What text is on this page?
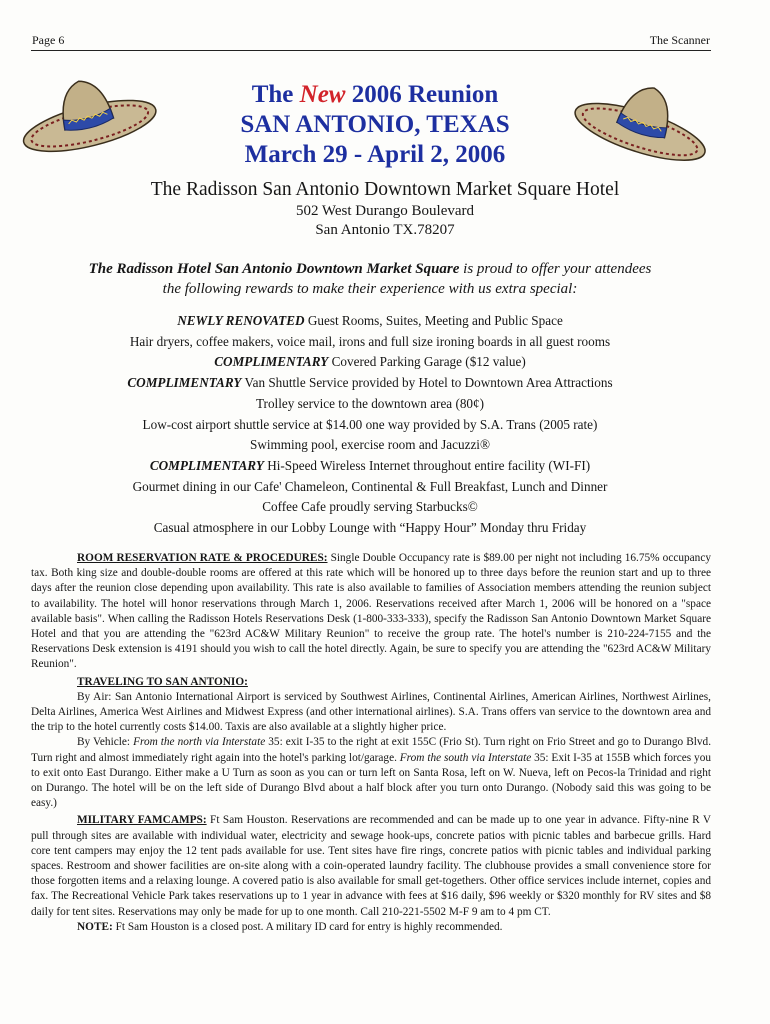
Page 6	The Scanner
The New 2006 Reunion
SAN ANTONIO, TEXAS
March 29 - April 2, 2006
The Radisson San Antonio Downtown Market Square Hotel
502 West Durango Boulevard
San Antonio TX.78207
The Radisson Hotel San Antonio Downtown Market Square is proud to offer your attendees
the following rewards to make their experience with us extra special:
NEWLY RENOVATED Guest Rooms, Suites, Meeting and Public Space
Hair dryers, coffee makers, voice mail, irons and full size ironing boards in all guest rooms
COMPLIMENTARY Covered Parking Garage ($12 value)
COMPLIMENTARY Van Shuttle Service provided by Hotel to Downtown Area Attractions
Trolley service to the downtown area (80¢)
Low-cost airport shuttle service at $14.00 one way provided by S.A. Trans (2005 rate)
Swimming pool, exercise room and Jacuzzi®
COMPLIMENTARY Hi-Speed Wireless Internet throughout entire facility (WI-FI)
Gourmet dining in our Cafe' Chameleon, Continental & Full Breakfast, Lunch and Dinner
Coffee Cafe proudly serving Starbucks©
Casual atmosphere in our Lobby Lounge with “Happy Hour” Monday thru Friday

ROOM RESERVATION RATE & PROCEDURES: Single Double Occupancy rate is $89.00 per night not including 16.75% occupancy tax. Both king size and double-double rooms are offered at this rate which will be honored up to three days before the reunion start and up to three days after the reunion close depending upon availability. This rate is also available to families of Association members attending the reunion subject to availability. The hotel will honor reservations through March 1, 2006. Reservations received after March 1, 2006 will be honored on a "space available basis". When calling the Radisson Hotels Reservations Desk (1-800-333-333), specify the Radisson San Antonio Downtown Market Square Hotel and that you are attending the "623rd AC&W Military Reunion" to receive the group rate. The hotel's number is 210-224-7155 and the Reservations Desk extension is 4191 should you wish to call the hotel directly. Again, be sure to specify you are attending the "623rd AC&W Military Reunion".

TRAVELING TO SAN ANTONIO:

By Air: San Antonio International Airport is serviced by Southwest Airlines, Continental Airlines, American Airlines, Northwest Airlines, Delta Airlines, America West Airlines and Midwest Express (and other international airlines). S.A. Trans offers van service to the downtown area and the trip to the hotel currently costs $14.00. Taxis are also available at a slightly higher price.

By Vehicle: From the north via Interstate 35: exit I-35 to the right at exit 155C (Frio St). Turn right on Frio Street and go to Durango Blvd. Turn right and almost immediately right again into the hotel's parking lot/garage. From the south via Interstate 35: Exit I-35 at 155B which forces you to exit onto East Durango. Either make a U Turn as soon as you can or turn left on Santa Rosa, left on W. Nueva, left on Pecos-la Trinidad and right on Durango. The hotel will be on the left side of Durango Blvd about a half block after you turn onto Durango. (Nobody said this was going to be easy.)

MILITARY FAMCAMPS: Ft Sam Houston. Reservations are recommended and can be made up to one year in advance. Fifty-nine R V pull through sites are available with individual water, electricity and sewage hook-ups, concrete patios with picnic tables and barbecue grills. Hard core tent campers may enjoy the 12 tent pads available for use. Tent sites have fire rings, concrete patios with picnic tables and individual parking spaces. Restroom and shower facilities are on-site along with a coin-operated laundry facility. The clubhouse provides a small convenience store for those forgotten items and a relaxing lounge. A covered patio is also available for small get-togethers. Other office services include internet, copies and fax. The Recreational Vehicle Park takes reservations up to 1 year in advance with fees at $16 daily, $96 weekly or $320 monthly for RV sites and $8 daily for tent sites. Reservations may only be made for up to one month. Call 210-221-5502 M-F 9 am to 4 pm CT.

NOTE: Ft Sam Houston is a closed post. A military ID card for entry is highly recommended.
